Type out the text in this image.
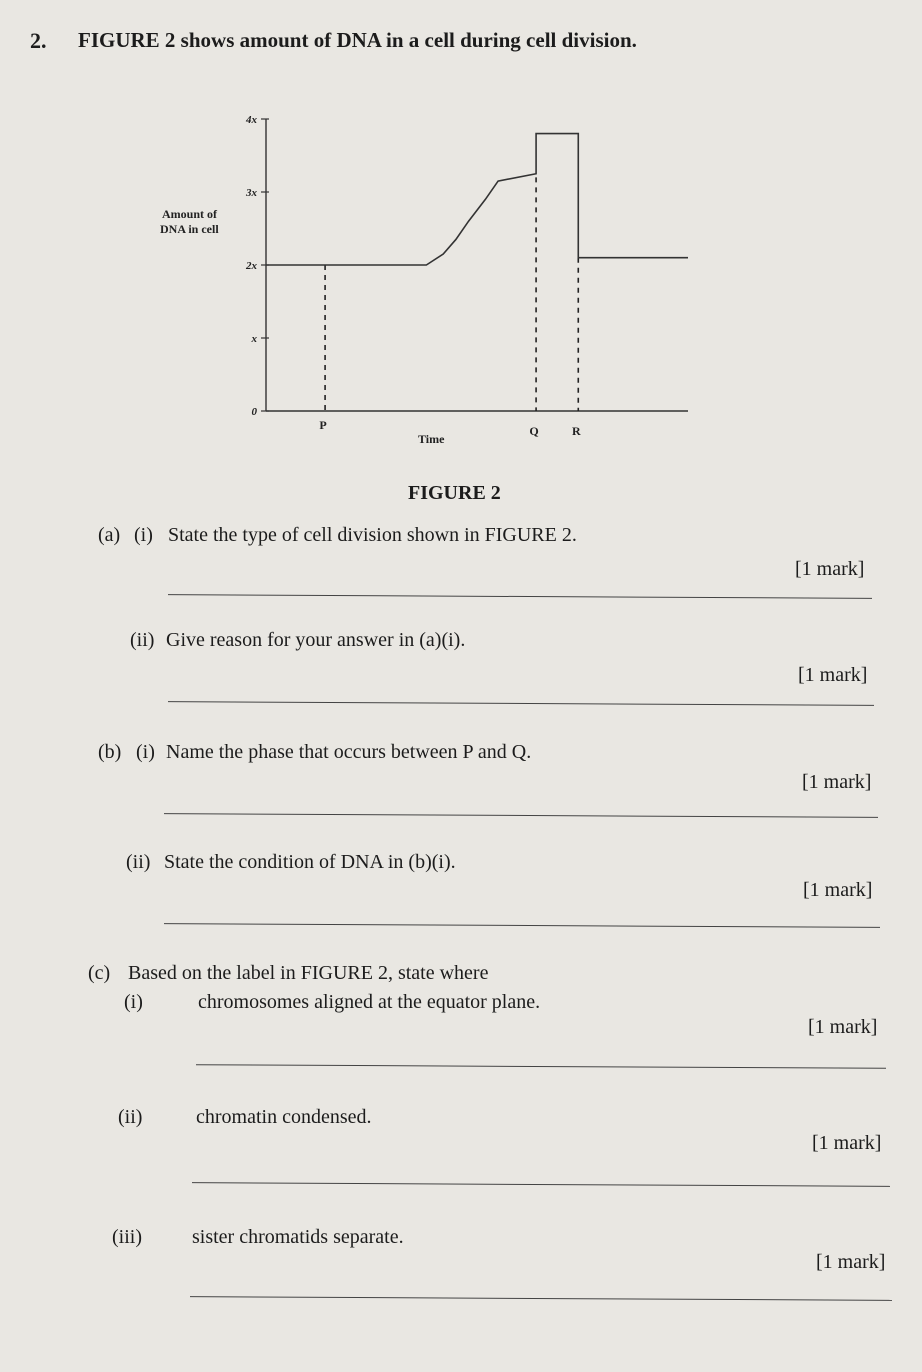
2. FIGURE 2 shows amount of DNA in a cell during cell division.
Amount of
DNA in cell
Time
0
x
2x
3x
4x
P	Q	R
FIGURE 2
(a) (i) State the type of cell division shown in FIGURE 2.
[1 mark]
(ii) Give reason for your answer in (a)(i).
[1 mark]
(b) (i) Name the phase that occurs between P and Q.
[1 mark]
(ii) State the condition of DNA in (b)(i).
[1 mark]
(c) Based on the label in FIGURE 2, state where
(i)	chromosomes aligned at the equator plane.
[1 mark]
(ii)	chromatin condensed.
[1 mark]
(iii)	sister chromatids separate.
[1 mark]
